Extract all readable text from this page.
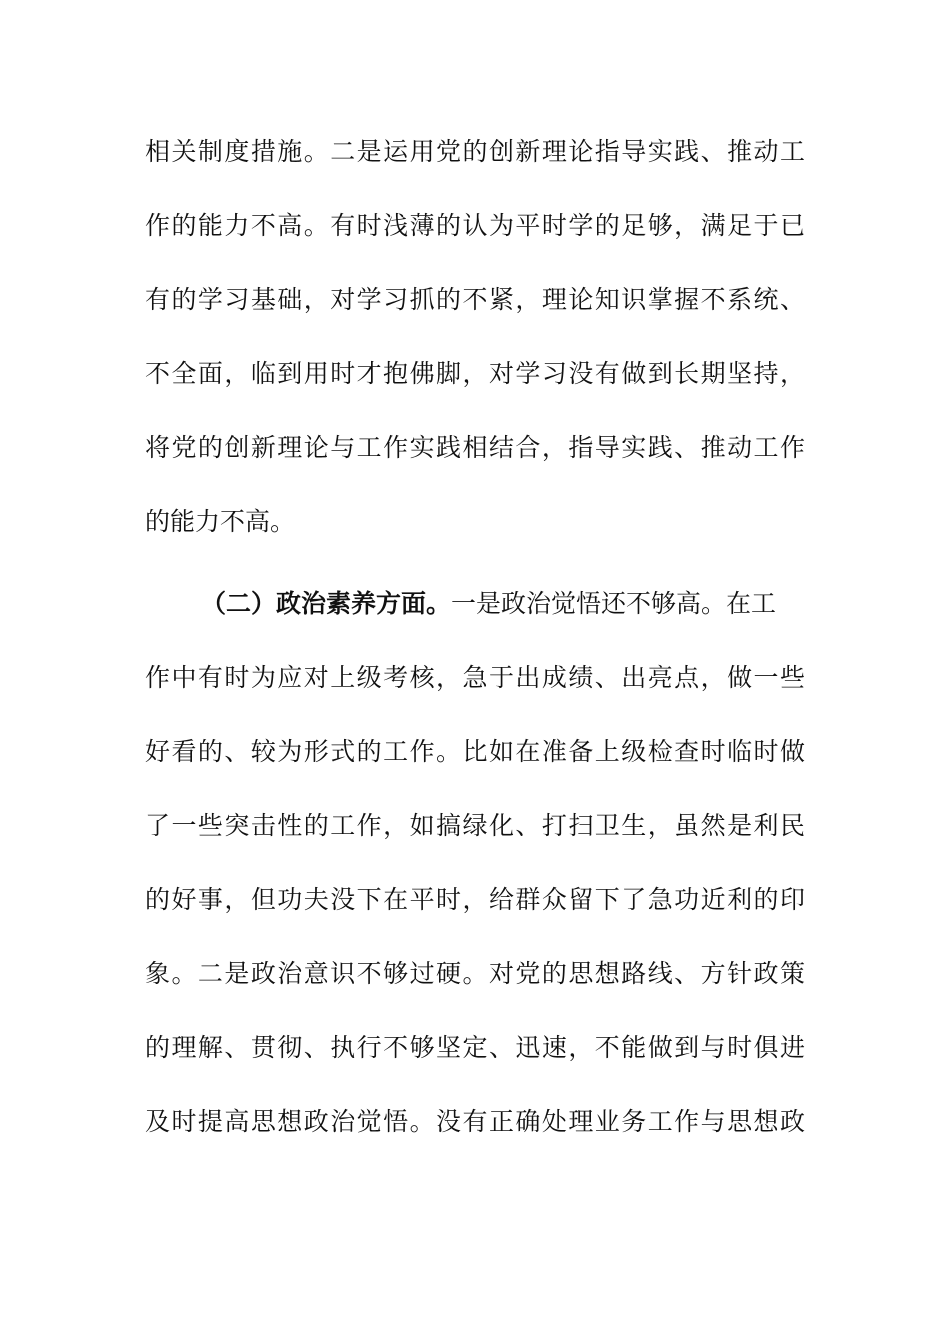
相关制度措施。二是运用党的创新理论指导实践、推动工
作的能力不高。有时浅薄的认为平时学的足够，满足于已
有的学习基础，对学习抓的不紧，理论知识掌握不系统、
不全面，临到用时才抱佛脚，对学习没有做到长期坚持，
将党的创新理论与工作实践相结合，指导实践、推动工作
的能力不高。
（二）政治素养方面。一是政治觉悟还不够高。在工
作中有时为应对上级考核，急于出成绩、出亮点，做一些
好看的、较为形式的工作。比如在准备上级检查时临时做
了一些突击性的工作，如搞绿化、打扫卫生，虽然是利民
的好事，但功夫没下在平时，给群众留下了急功近利的印
象。二是政治意识不够过硬。对党的思想路线、方针政策
的理解、贯彻、执行不够坚定、迅速，不能做到与时俱进
及时提高思想政治觉悟。没有正确处理业务工作与思想政
